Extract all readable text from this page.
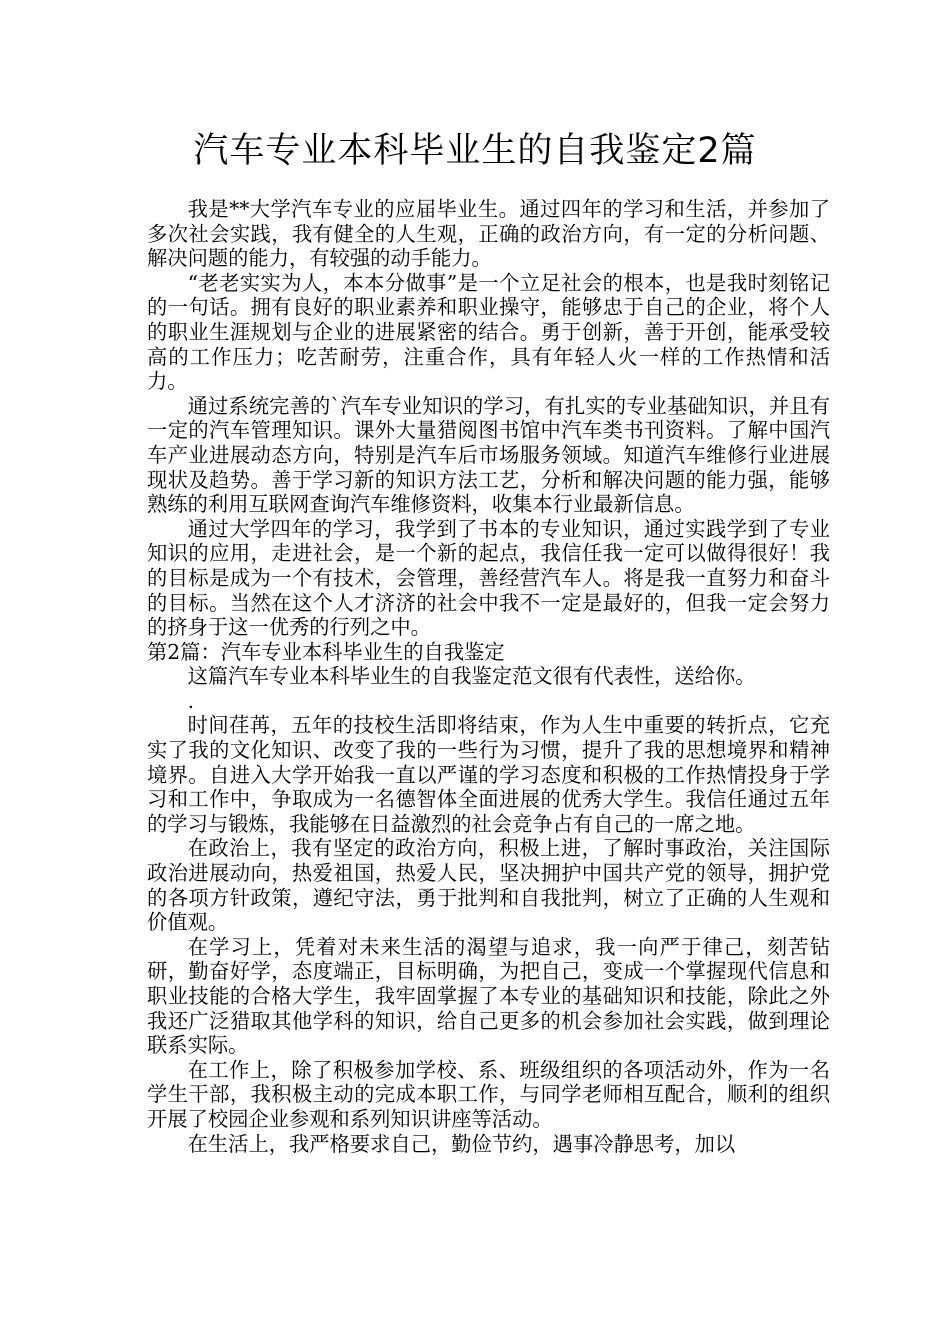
汽车专业本科毕业生的自我鉴定2篇

我是**大学汽车专业的应届毕业生。通过四年的学习和生活，并参加了多次社会实践，我有健全的人生观，正确的政治方向，有一定的分析问题、解决问题的能力，有较强的动手能力。

“老老实实为人，本本分做事”是一个立足社会的根本，也是我时刻铭记的一句话。拥有良好的职业素养和职业操守，能够忠于自己的企业，将个人的职业生涯规划与企业的进展紧密的结合。勇于创新，善于开创，能承受较高的工作压力；吃苦耐劳，注重合作，具有年轻人火一样的工作热情和活力。

通过系统完善的`汽车专业知识的学习，有扎实的专业基础知识，并且有一定的汽车管理知识。课外大量猎阅图书馆中汽车类书刊资料。了解中国汽车产业进展动态方向，特别是汽车后市场服务领域。知道汽车维修行业进展现状及趋势。善于学习新的知识方法工艺，分析和解决问题的能力强，能够熟练的利用互联网查询汽车维修资料，收集本行业最新信息。

通过大学四年的学习，我学到了书本的专业知识，通过实践学到了专业知识的应用，走进社会，是一个新的起点，我信任我一定可以做得很好！我的目标是成为一个有技术，会管理，善经营汽车人。将是我一直努力和奋斗的目标。当然在这个人才济济的社会中我不一定是最好的，但我一定会努力的挤身于这一优秀的行列之中。

第2篇：汽车专业本科毕业生的自我鉴定

这篇汽车专业本科毕业生的自我鉴定范文很有代表性，送给你。

.

时间荏苒，五年的技校生活即将结束，作为人生中重要的转折点，它充实了我的文化知识、改变了我的一些行为习惯，提升了我的思想境界和精神境界。自进入大学开始我一直以严谨的学习态度和积极的工作热情投身于学习和工作中，争取成为一名德智体全面进展的优秀大学生。我信任通过五年的学习与锻炼，我能够在日益激烈的社会竞争占有自己的一席之地。

在政治上，我有坚定的政治方向，积极上进，了解时事政治，关注国际政治进展动向，热爱祖国，热爱人民，坚决拥护中国共产党的领导，拥护党的各项方针政策，遵纪守法，勇于批判和自我批判，树立了正确的人生观和价值观。

在学习上，凭着对未来生活的渴望与追求，我一向严于律己，刻苦钻研，勤奋好学，态度端正，目标明确，为把自己，变成一个掌握现代信息和职业技能的合格大学生，我牢固掌握了本专业的基础知识和技能，除此之外我还广泛猎取其他学科的知识，给自己更多的机会参加社会实践，做到理论联系实际。

在工作上，除了积极参加学校、系、班级组织的各项活动外，作为一名学生干部，我积极主动的完成本职工作，与同学老师相互配合，顺利的组织开展了校园企业参观和系列知识讲座等活动。

在生活上，我严格要求自己，勤俭节约，遇事冷静思考，加以
